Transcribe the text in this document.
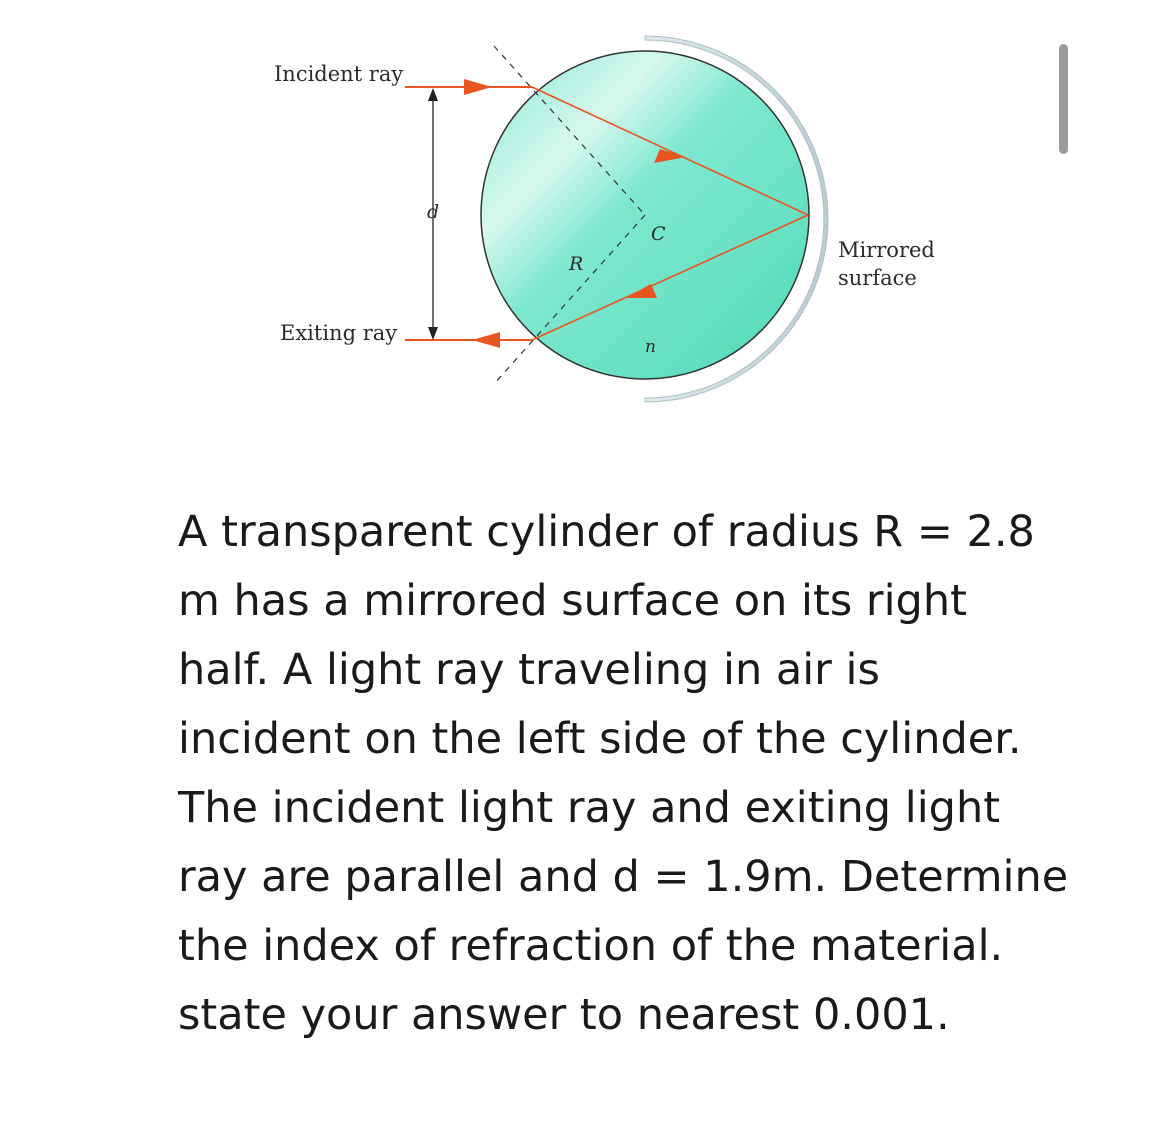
Incident ray
Exiting ray
d
R
C
n
Mirrored
surface

A transparent cylinder of radius R = 2.8
m has a mirrored surface on its right
half. A light ray traveling in air is
incident on the left side of the cylinder.
The incident light ray and exiting light
ray are parallel and d = 1.9m. Determine
the index of refraction of the material.
state your answer to nearest 0.001.
